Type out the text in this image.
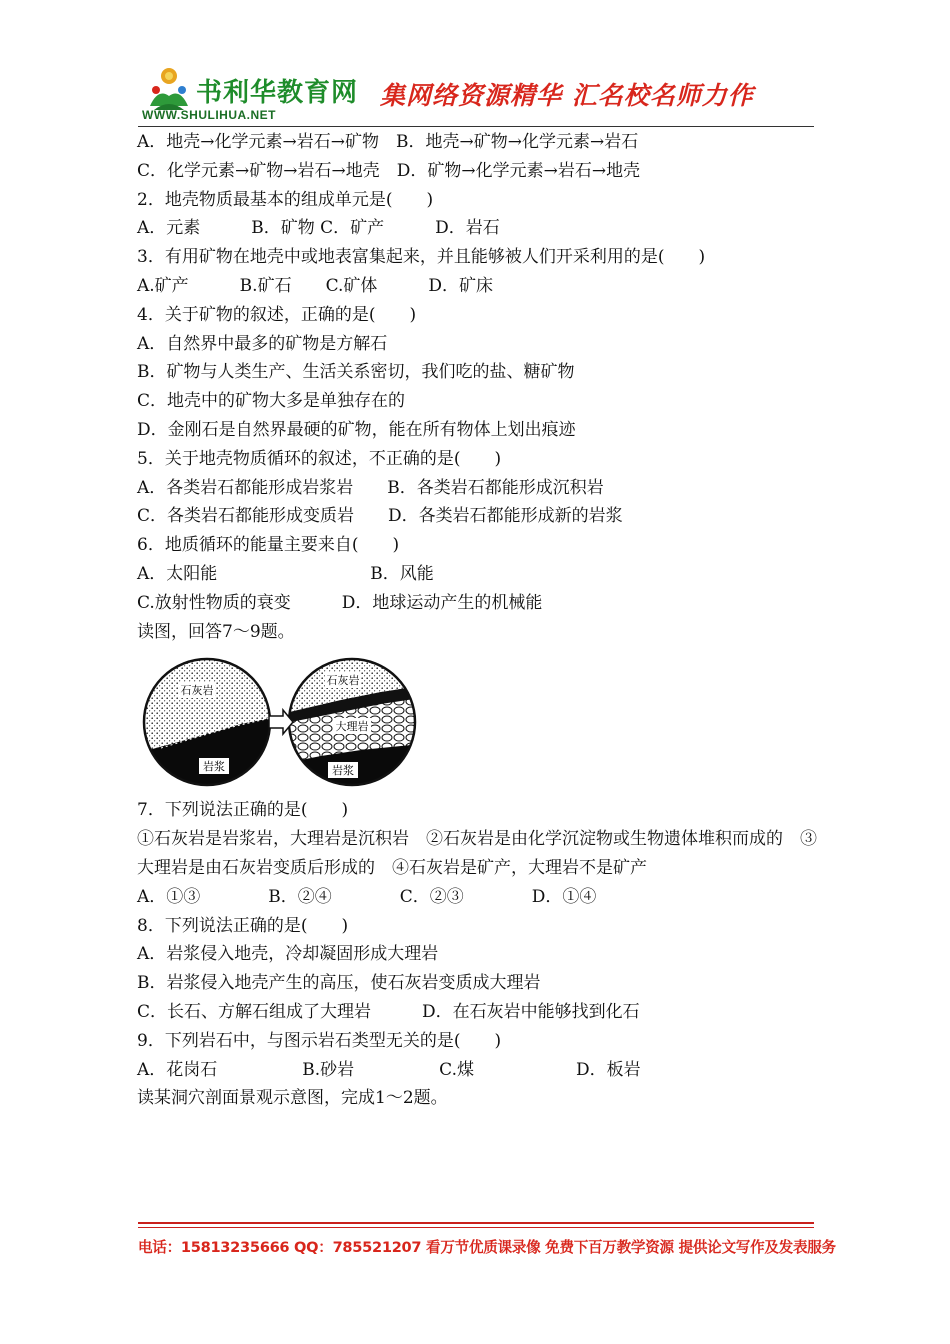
书利华教育网
WWW.SHULIHUA.NET
集网络资源精华 汇名校名师力作
A．地壳→化学元素→岩石→矿物　B．地壳→矿物→化学元素→岩石
C．化学元素→矿物→岩石→地壳　D．矿物→化学元素→岩石→地壳
2．地壳物质最基本的组成单元是(　　)
A．元素　　　B．矿物 C．矿产　　　D．岩石
3．有用矿物在地壳中或地表富集起来，并且能够被人们开采利用的是(　　)
A.矿产　　　B.矿石　　C.矿体　　　D．矿床
4．关于矿物的叙述，正确的是(　　)
A．自然界中最多的矿物是方解石
B．矿物与人类生产、生活关系密切，我们吃的盐、糖矿物
C．地壳中的矿物大多是单独存在的
D．金刚石是自然界最硬的矿物，能在所有物体上划出痕迹
5．关于地壳物质循环的叙述，不正确的是(　　)
A．各类岩石都能形成岩浆岩　　B．各类岩石都能形成沉积岩
C．各类岩石都能形成变质岩　　D．各类岩石都能形成新的岩浆
6．地质循环的能量主要来自(　　)
A．太阳能　　　　　　　　　B．风能
C.放射性物质的衰变　　　D．地球运动产生的机械能
读图，回答7～9题。
石灰岩
岩浆
石灰岩
大理岩
岩浆
7．下列说法正确的是(　　)
①石灰岩是岩浆岩，大理岩是沉积岩　②石灰岩是由化学沉淀物或生物遗体堆积而成的　③大理岩是由石灰岩变质后形成的　④石灰岩是矿产，大理岩不是矿产
A．①③　　　　B．②④　　　　C．②③　　　　D．①④
8．下列说法正确的是(　　)
A．岩浆侵入地壳，冷却凝固形成大理岩
B．岩浆侵入地壳产生的高压，使石灰岩变质成大理岩
C．长石、方解石组成了大理岩　　　D．在石灰岩中能够找到化石
9．下列岩石中，与图示岩石类型无关的是(　　)
A．花岗石　　　　　B.砂岩　　　　　C.煤　　　　　　D．板岩
读某洞穴剖面景观示意图，完成1～2题。
电话：15813235666 QQ：785521207 看万节优质课录像 免费下百万教学资源 提供论文写作及发表服务
